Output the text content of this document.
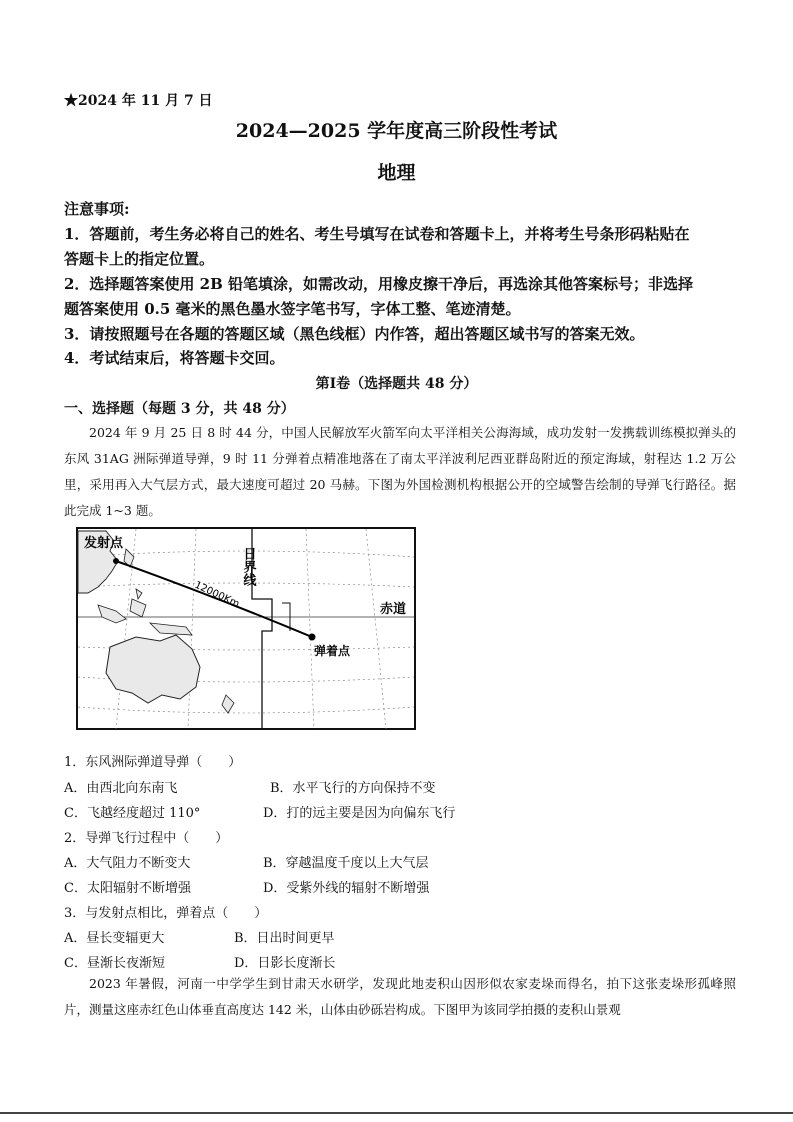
★2024 年 11 月 7 日
2024—2025 学年度高三阶段性考试
地理
注意事项:
1．答题前，考生务必将自己的姓名、考生号填写在试卷和答题卡上，并将考生号条形码粘贴在
答题卡上的指定位置。
2．选择题答案使用 2B 铅笔填涂，如需改动，用橡皮擦干净后，再选涂其他答案标号；非选择
题答案使用 0.5 毫米的黑色墨水签字笔书写，字体工整、笔迹清楚。
3．请按照题号在各题的答题区域（黑色线框）内作答，超出答题区域书写的答案无效。
4．考试结束后，将答题卡交回。
第Ⅰ卷（选择题共 48 分）
一、选择题（每题 3 分，共 48 分）
2024 年 9 月 25 日 8 时 44 分，中国人民解放军火箭军向太平洋相关公海海域，成功发射一发携载训练模拟弹头的东风 31AG 洲际弹道导弹，9 时 11 分弹着点精准地落在了南太平洋波利尼西亚群岛附近的预定海域，射程达 1.2 万公里，采用再入大气层方式，最大速度可超过 20 马赫。下图为外国检测机构根据公开的空域警告绘制的导弹飞行路径。据此完成 1~3 题。
发射点
12000Km
日界线
赤道
弹着点
1．东风洲际弹道导弹（　　）
A．由西北向东南飞	B．水平飞行的方向保持不变
C．飞越经度超过 110°	D．打的远主要是因为向偏东飞行
2．导弹飞行过程中（　　）
A．大气阻力不断变大	B．穿越温度千度以上大气层
C．太阳辐射不断增强	D．受紫外线的辐射不断增强
3．与发射点相比，弹着点（　　）
A．昼长变辐更大	B．日出时间更早
C．昼渐长夜渐短	D．日影长度渐长
2023 年暑假，河南一中学学生到甘肃天水研学，发现此地麦积山因形似农家麦垛而得名，拍下这张麦垛形孤峰照片，测量这座赤红色山体垂直高度达 142 米，山体由砂砾岩构成。下图甲为该同学拍摄的麦积山景观
